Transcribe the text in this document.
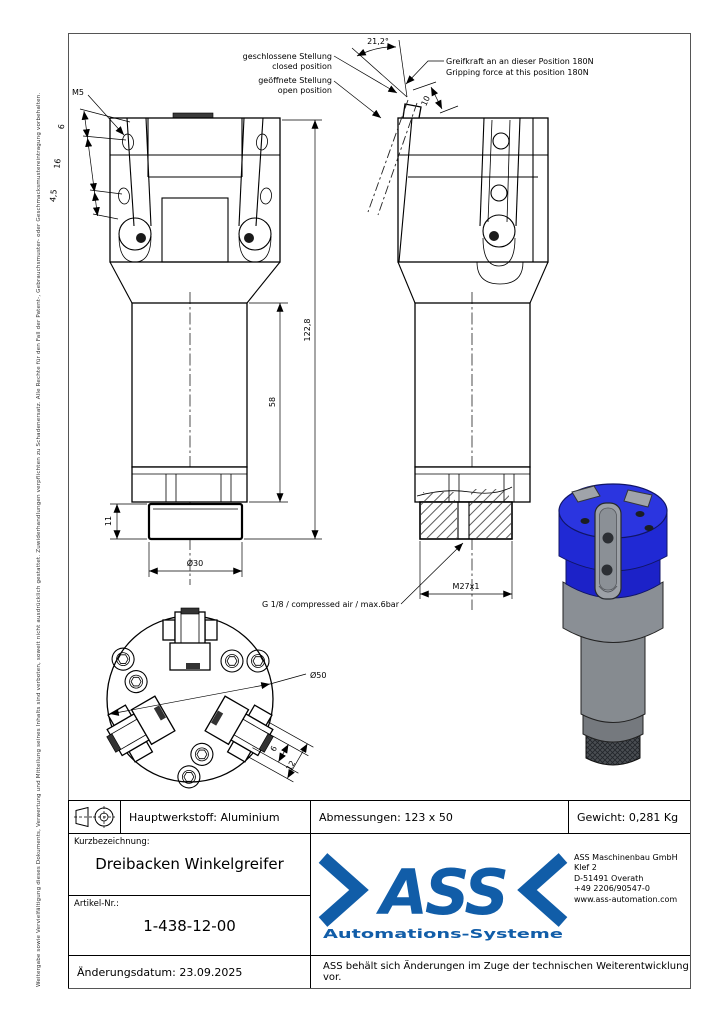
Weitergabe sowie Vervielfältigung dieses Dokuments, Verwertung und Mitteilung seines Inhalts sind verboten, soweit nicht ausdrücklich gestattet. Zuwiderhandlungen verpflichten zu Schadenersatz. Alle Rechte für den Fall der Patent-, Gebrauchsmuster- oder Geschmacksmustereintragung vorbehalten.
M5
6
16
4,5
58
122,8
11
Ø30
M27x1
G 1/8 / compressed air / max.6bar
21,2°
10
geschlossene Stellung
closed position
geöffnete Stellung
open position
Greifkraft an an dieser Position 180N
Gripping force at this position 180N
Ø50
6
12
Hauptwerkstoff: Aluminium	Abmessungen: 123 x 50	Gewicht: 0,281 Kg
Kurzbezeichnung:
Dreibacken Winkelgreifer
Artikel-Nr.:
1-438-12-00	ASS
Automations-Systeme
ASS Maschinenbau GmbH
Klef 2
D-51491 Overath
+49 2206/90547-0
www.ass-automation.com
Änderungsdatum: 23.09.2025	ASS behält sich Änderungen im Zuge der technischen Weiterentwicklung vor.
